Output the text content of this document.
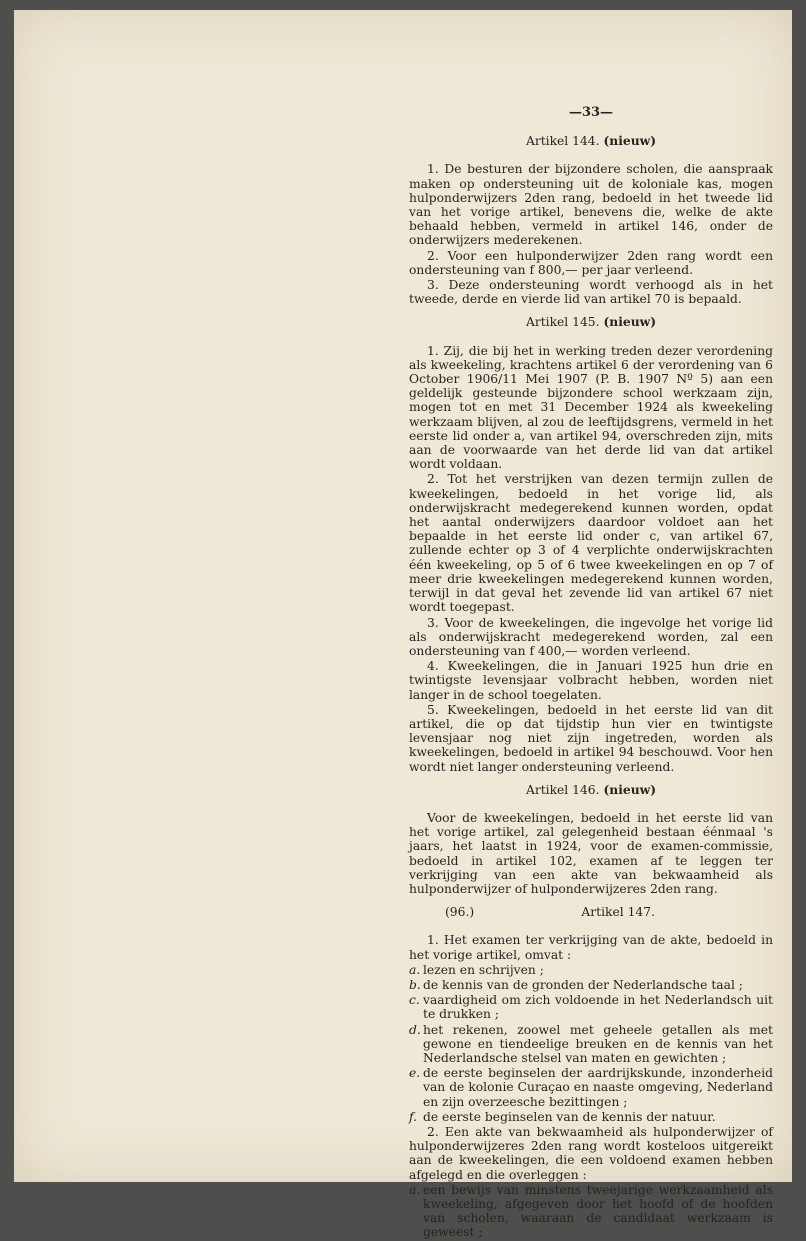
—33—
Artikel 144. (nieuw)

1. De besturen der bijzondere scholen, die aanspraak maken op ondersteuning uit de koloniale kas, mogen hulponderwijzers 2den rang, bedoeld in het tweede lid van het vorige artikel, benevens die, welke de akte behaald hebben, vermeld in artikel 146, onder de onderwijzers mederekenen.

2. Voor een hulponderwijzer 2den rang wordt een ondersteuning van f 800,— per jaar verleend.

3. Deze ondersteuning wordt verhoogd als in het tweede, derde en vierde lid van artikel 70 is bepaald.

Artikel 145. (nieuw)

1. Zij, die bij het in werking treden dezer verordening als kweekeling, krachtens artikel 6 der verordening van 6 October 1906/11 Mei 1907 (P. B. 1907 Nº 5) aan een geldelijk gesteunde bijzondere school werkzaam zijn, mogen tot en met 31 December 1924 als kweekeling werkzaam blijven, al zou de leeftijdsgrens, vermeld in het eerste lid onder a, van artikel 94, overschreden zijn, mits aan de voorwaarde van het derde lid van dat artikel wordt voldaan.

2. Tot het verstrijken van dezen termijn zullen de kweekelingen, bedoeld in het vorige lid, als onderwijskracht medegerekend kunnen worden, opdat het aantal onderwijzers daardoor voldoet aan het bepaalde in het eerste lid onder c, van artikel 67, zullende echter op 3 of 4 verplichte onderwijskrachten één kweekeling, op 5 of 6 twee kweekelingen en op 7 of meer drie kweekelingen medegerekend kunnen worden, terwijl in dat geval het zevende lid van artikel 67 niet wordt toegepast.

3. Voor de kweekelingen, die ingevolge het vorige lid als onderwijskracht medegerekend worden, zal een ondersteuning van f 400,— worden verleend.

4. Kweekelingen, die in Januari 1925 hun drie en twintigste levensjaar volbracht hebben, worden niet langer in de school toegelaten.

5. Kweekelingen, bedoeld in het eerste lid van dit artikel, die op dat tijdstip hun vier en twintigste levensjaar nog niet zijn ingetreden, worden als kweekelingen, bedoeld in artikel 94 beschouwd. Voor hen wordt niet langer ondersteuning verleend.

Artikel 146. (nieuw)

Voor de kweekelingen, bedoeld in het eerste lid van het vorige artikel, zal gelegenheid bestaan éénmaal 's jaars, het laatst in 1924, voor de examen-commissie, bedoeld in artikel 102, examen af te leggen ter verkrijging van een akte van bekwaamheid als hulponderwijzer of hulponderwijzeres 2den rang.

(96.)	Artikel 147.

1. Het examen ter verkrijging van de akte, bedoeld in het vorige artikel, omvat :

a. lezen en schrijven ;
b. de kennis van de gronden der Nederlandsche taal ;
c. vaardigheid om zich voldoende in het Nederlandsch uit te drukken ;
d. het rekenen, zoowel met geheele getallen als met gewone en tiendeelige breuken en de kennis van het Nederlandsche stelsel van maten en gewichten ;
e. de eerste beginselen der aardrijkskunde, inzonderheid van de kolonie Curaçao en naaste omgeving, Nederland en zijn overzeesche bezittingen ;
f. de eerste beginselen van de kennis der natuur.

2. Een akte van bekwaamheid als hulponderwijzer of hulponderwijzeres 2den rang wordt kosteloos uitgereikt aan de kweekelingen, die een voldoend examen hebben afgelegd en die overleggen :

a. een bewijs van minstens tweejarige werkzaamheid als kweekeling, afgegeven door het hoofd of de hoofden van scholen, waaraan de candidaat werkzaam is geweest ;
